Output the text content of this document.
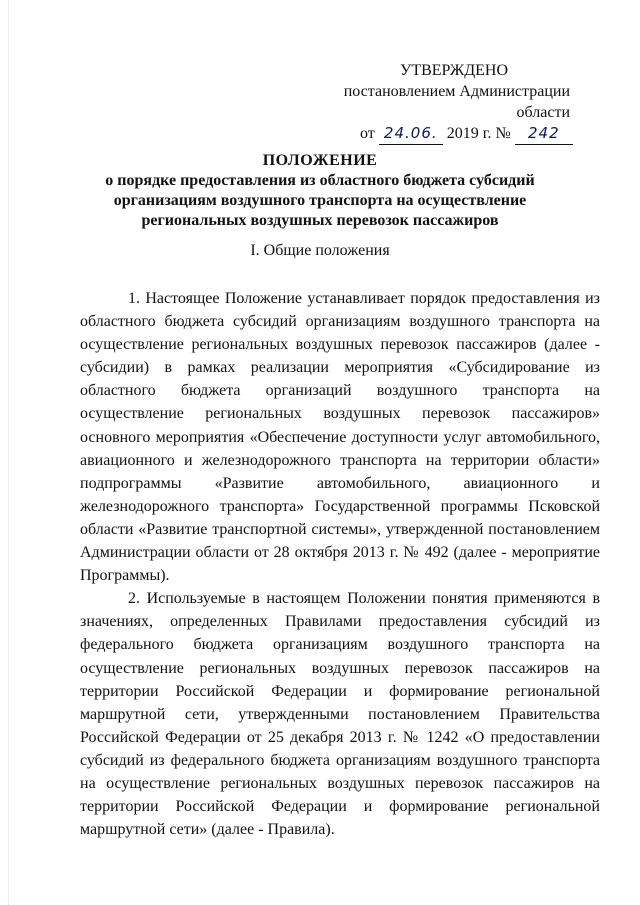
УТВЕРЖДЕНО
постановлением Администрации области
от 24.06. 2019 г. № 242
ПОЛОЖЕНИЕ
о порядке предоставления из областного бюджета субсидий
организациям воздушного транспорта на осуществление
региональных воздушных перевозок пассажиров
I. Общие положения

1. Настоящее Положение устанавливает порядок предоставления из областного бюджета субсидий организациям воздушного транспорта на осуществление региональных воздушных перевозок пассажиров (далее - субсидии) в рамках реализации мероприятия «Субсидирование из областного бюджета организаций воздушного транспорта на осуществление региональных воздушных перевозок пассажиров» основного мероприятия «Обеспечение доступности услуг автомобильного, авиационного и железнодорожного транспорта на территории области» подпрограммы «Развитие автомобильного, авиационного и железнодорожного транспорта» Государственной программы Псковской области «Развитие транспортной системы», утвержденной постановлением Администрации области от 28 октября 2013 г. № 492 (далее - мероприятие Программы).

2. Используемые в настоящем Положении понятия применяются в значениях, определенных Правилами предоставления субсидий из федерального бюджета организациям воздушного транспорта на осуществление региональных воздушных перевозок пассажиров на территории Российской Федерации и формирование региональной маршрутной сети, утвержденными постановлением Правительства Российской Федерации от 25 декабря 2013 г. № 1242 «О предоставлении субсидий из федерального бюджета организациям воздушного транспорта на осуществление региональных воздушных перевозок пассажиров на территории Российской Федерации и формирование региональной маршрутной сети» (далее - Правила).
